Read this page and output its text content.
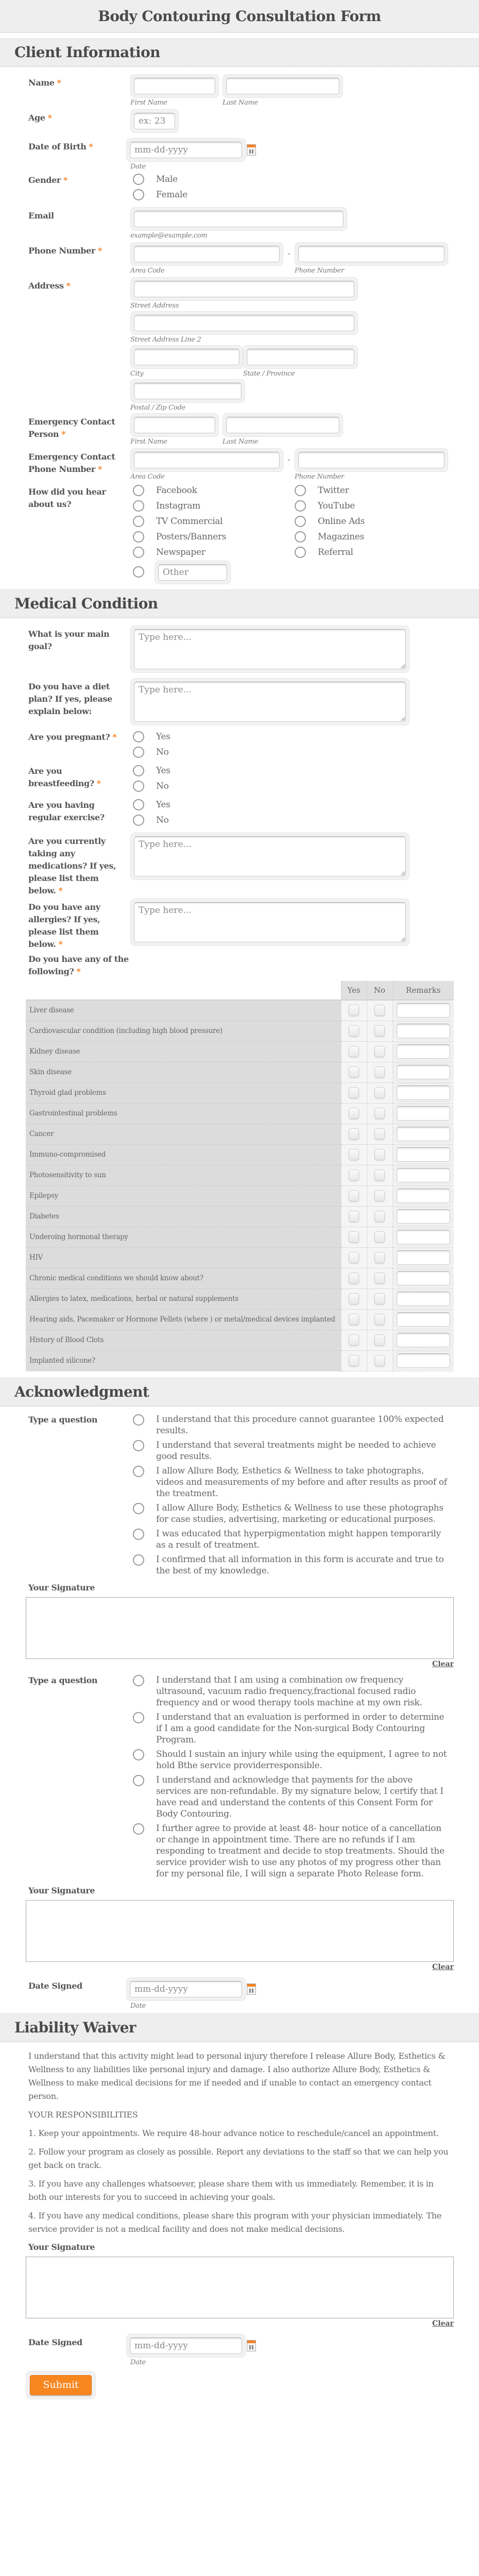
Body Contouring Consultation Form
Client Information
Name *
First Name	Last Name
Age *
ex: 23
Date of Birth *
mm-dd-yyyy
Date
Gender *	Male
Female
Email
example@example.com
Phone Number *
Area Code
-
Phone Number
Address *
Street Address
Street Address Line 2
City	State / Province
Postal / Zip Code
Emergency Contact Person *
First Name	Last Name
Emergency Contact Phone Number *
Area Code
-
Phone Number
How did you hear about us?
Facebook
Instagram
TV Commercial
Posters/Banners
Newspaper
Twitter
YouTube
Online Ads
Magazines
Referral
Other
Medical Condition
What is your main goal?
Type here...
Do you have a diet plan? If yes, please explain below:
Type here...
Are you pregnant? *	Yes
No
Are you breastfeeding? *
Yes
No
Are you having regular exercise?
Yes
No
Are you currently taking any medications? If yes, please list them below. *
Type here...
Do you have any allergies? If yes, please list them below. *
Type here...
Do you have any of the following? *
	Yes	No	Remarks
Liver disease			

Cardiovascular condition (including high blood pressure)			

Kidney disease			

Skin disease			

Thyroid glad problems			

Gastrointestinal problems			

Cancer			

Immuno-compromised			

Photosensitivity to sun			

Epilepsy			

Diabetes			

Underoing hormonal therapy			

HIV			

Chronic medical conditions we should know about?			

Allergies to latex, medications, herbal or natural supplements			

Hearing aids, Pacemaker or Hormone Pellets (where ) or metal/medical devices implanted			

History of Blood Clots			

Implanted silicone?			
Acknowledgment
Type a question	I understand that this procedure cannot guarantee 100% expected results.
I understand that several treatments might be needed to achieve good results.
I allow Allure Body, Esthetics & Wellness to take photographs, videos and measurements of my before and after results as proof of the treatment.
I allow Allure Body, Esthetics & Wellness to use these photographs for case studies, advertising, marketing or educational purposes.
I was educated that hyperpigmentation might happen temporarily as a result of treatment.
I confirmed that all information in this form is accurate and true to the best of my knowledge.
Your Signature
Clear
Type a question	I understand that I am using a combination ow frequency ultrasound, vacuum radio frequency,fractional focused radio frequency and or wood therapy tools machine at my own risk.
I understand that an evaluation is performed in order to determine if I am a good candidate for the Non-surgical Body Contouring Program.
Should I sustain an injury while using the equipment, I agree to not hold Bthe service providerresponsible.
I understand and acknowledge that payments for the above services are non-refundable. By my signature below, I certify that I have read and understand the contents of this Consent Form for Body Contouring.
I further agree to provide at least 48- hour notice of a cancellation or change in appointment time. There are no refunds if I am responding to treatment and decide to stop treatments. Should the service provider wish to use any photos of my progress other than for my personal file, I will sign a separate Photo Release form.
Your Signature
Clear
Date Signed
mm-dd-yyyy
Date
Liability Waiver

I understand that this activity might lead to personal injury therefore I release Allure Body, Esthetics & Wellness to any liabilities like personal injury and damage. I also authorize Allure Body, Esthetics & Wellness to make medical decisions for me if needed and if unable to contact an emergency contact person.

YOUR RESPONSIBILITIES

1. Keep your appointments. We require 48-hour advance notice to reschedule/cancel an appointment.

2. Follow your program as closely as possible. Report any deviations to the staff so that we can help you get back on track.

3. If you have any challenges whatsoever, please share them with us immediately. Remember, it is in both our interests for you to succeed in achieving your goals.

4. If you have any medical conditions, please share this program with your physician immediately. The service provider is not a medical facility and does not make medical decisions.

Your Signature
Clear
Date Signed
mm-dd-yyyy
Date
Submit
